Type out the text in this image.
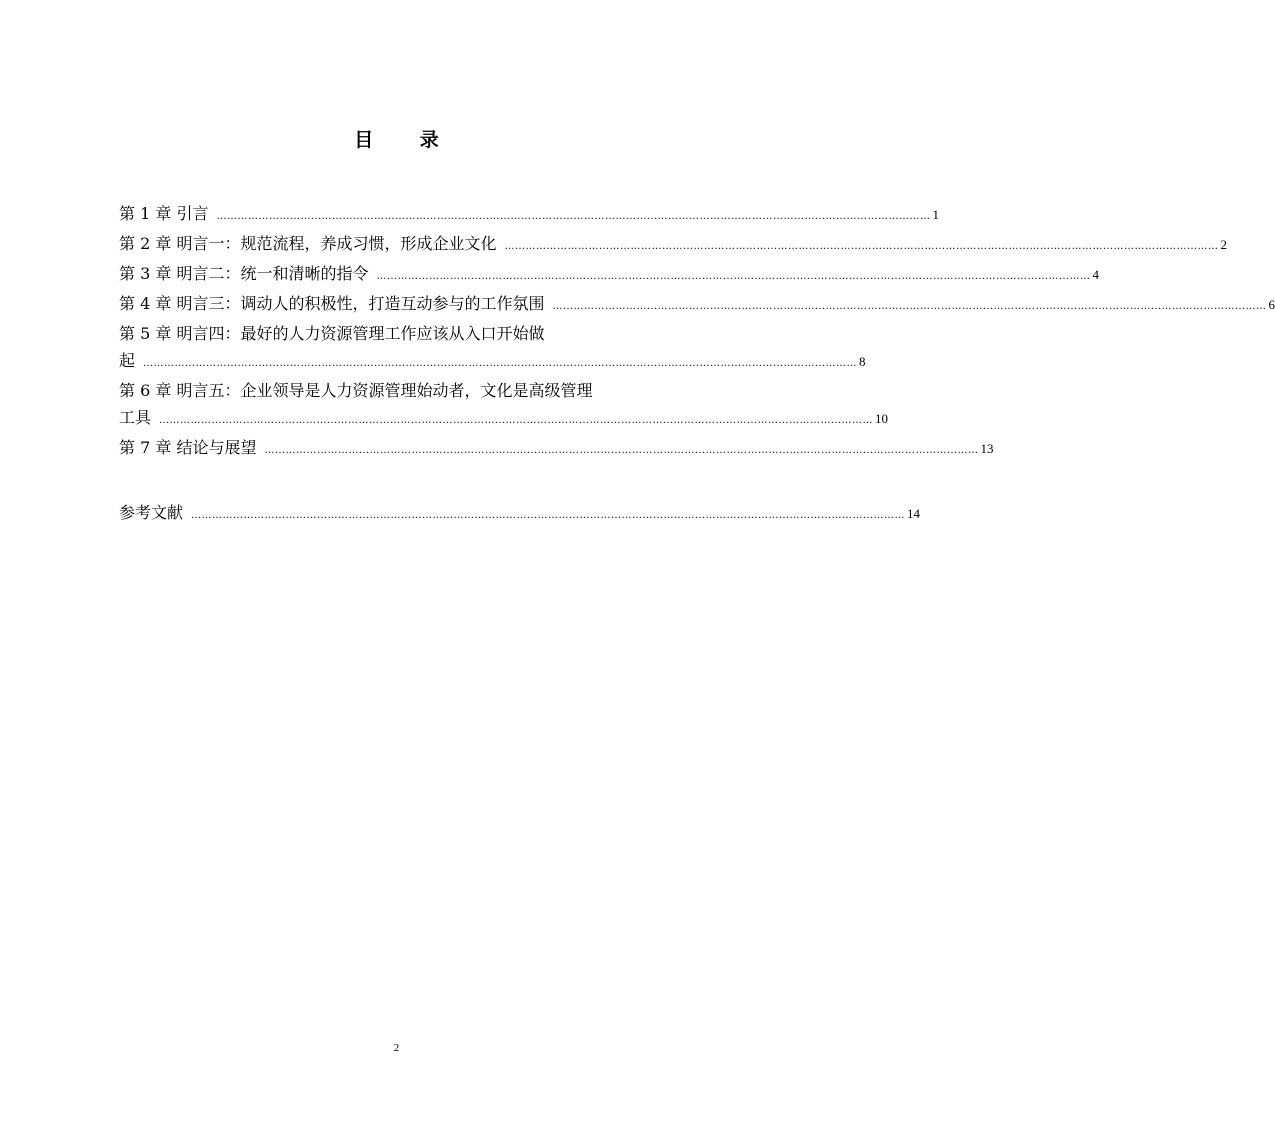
目 录
第 1 章 引言 …………………………………………………………………………………………………………………………………………………………………………………… 1
第 2 章 明言一：规范流程，养成习惯，形成企业文化 …………………………………………………………………………………………………………………………………………………………………………………… 2
第 3 章 明言二：统一和清晰的指令 …………………………………………………………………………………………………………………………………………………………………………………… 4
第 4 章 明言三：调动人的积极性，打造互动参与的工作氛围 …………………………………………………………………………………………………………………………………………………………………………………… 6
第 5 章 明言四：最好的人力资源管理工作应该从入口开始做
起 …………………………………………………………………………………………………………………………………………………………………………………… 8
第 6 章 明言五：企业领导是人力资源管理始动者，文化是高级管理
工具 …………………………………………………………………………………………………………………………………………………………………………………… 10
第 7 章 结论与展望 …………………………………………………………………………………………………………………………………………………………………………………… 13
参考文献 …………………………………………………………………………………………………………………………………………………………………………………… 14
2
